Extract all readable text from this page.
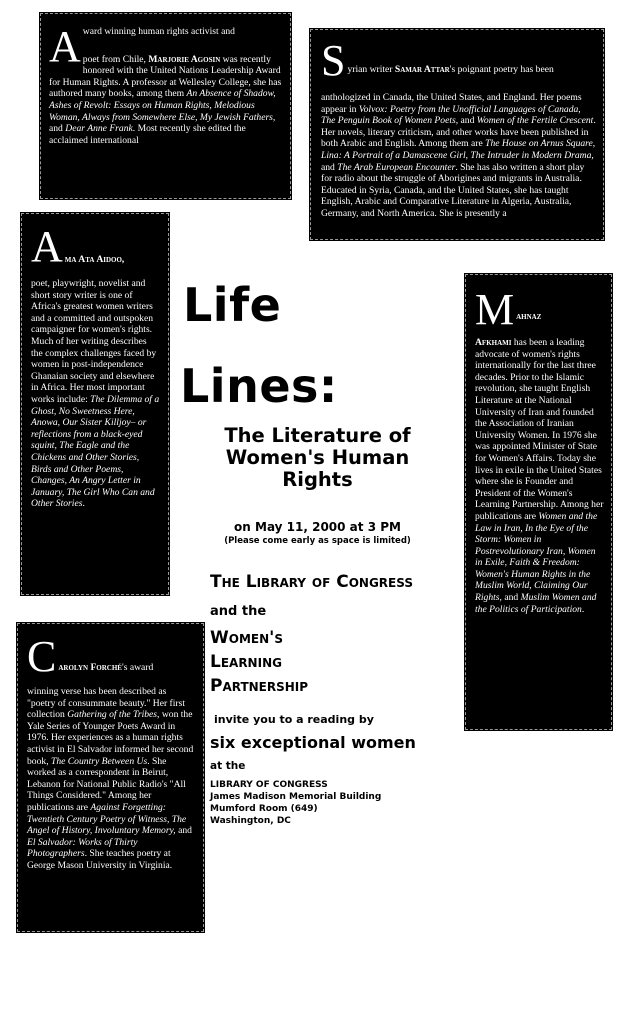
Award winning human rights activist and
poet from Chile, Marjorie Agosin was recently honored with the United Nations Leadership Award for Human Rights. A professor at Wellesley College, she has authored many books, among them An Absence of Shadow, Ashes of Revolt: Essays on Human Rights, Melodious Woman, Always from Somewhere Else, My Jewish Fathers, and Dear Anne Frank. Most recently she edited the acclaimed international

S yrian writer Samar Attar's poignant poetry has been
anthologized in Canada, the United States, and England. Her poems appear in Volvox: Poetry from the Unofficial Languages of Canada, The Penguin Book of Women Poets, and Women of the Fertile Crescent. Her novels, literary criticism, and other works have been published in both Arabic and English. Among them are The House on Arnus Square, Lina: A Portrait of a Damascene Girl, The Intruder in Modern Drama, and The Arab European Encounter. She has also written a short play for radio about the struggle of Aborigines and migrants in Australia. Educated in Syria, Canada, and the United States, she has taught English, Arabic and Comparative Literature in Algeria, Australia, Germany, and North America. She is presently a

A ma Ata Aidoo,
poet, playwright, novelist and short story writer is one of Africa's greatest women writers and a committed and outspoken campaigner for women's rights. Much of her writing describes the complex challenges faced by women in post-independence Ghanaian society and elsewhere in Africa. Her most important works include: The Dilemma of a Ghost, No Sweetness Here, Anowa, Our Sister Killjoy– or reflections from a black-eyed squint, The Eagle and the Chickens and Other Stories, Birds and Other Poems, Changes, An Angry Letter in January, The Girl Who Can and Other Stories.

M ahnaz
Afkhami has been a leading advocate of women's rights internationally for the last three decades. Prior to the Islamic revolution, she taught English Literature at the National University of Iran and founded the Association of Iranian University Women. In 1976 she was appointed Minister of State for Women's Affairs. Today she lives in exile in the United States where she is Founder and President of the Women's Learning Partnership. Among her publications are Women and the Law in Iran, In the Eye of the Storm: Women in Postrevolutionary Iran, Women in Exile, Faith & Freedom: Women's Human Rights in the Muslim World, Claiming Our Rights, and Muslim Women and the Politics of Participation.

C arolyn Forché's award
winning verse has been described as "poetry of consummate beauty." Her first collection Gathering of the Tribes, won the Yale Series of Younger Poets Award in 1976. Her experiences as a human rights activist in El Salvador informed her second book, The Country Between Us. She worked as a correspondent in Beirut, Lebanon for National Public Radio's "All Things Considered." Among her publications are Against Forgetting: Twentieth Century Poetry of Witness, The Angel of History, Involuntary Memory, and El Salvador: Works of Thirty Photographers. She teaches poetry at George Mason University in Virginia.

Life
Lines:
The Literature of
Women's Human
Rights
on May 11, 2000 at 3 PM
(Please come early as space is limited)
The Library of Congress
and the
Women's
Learning
Partnership
invite you to a reading by
six exceptional women
at the
LIBRARY OF CONGRESS
James Madison Memorial Building
Mumford Room (649)
Washington, DC
